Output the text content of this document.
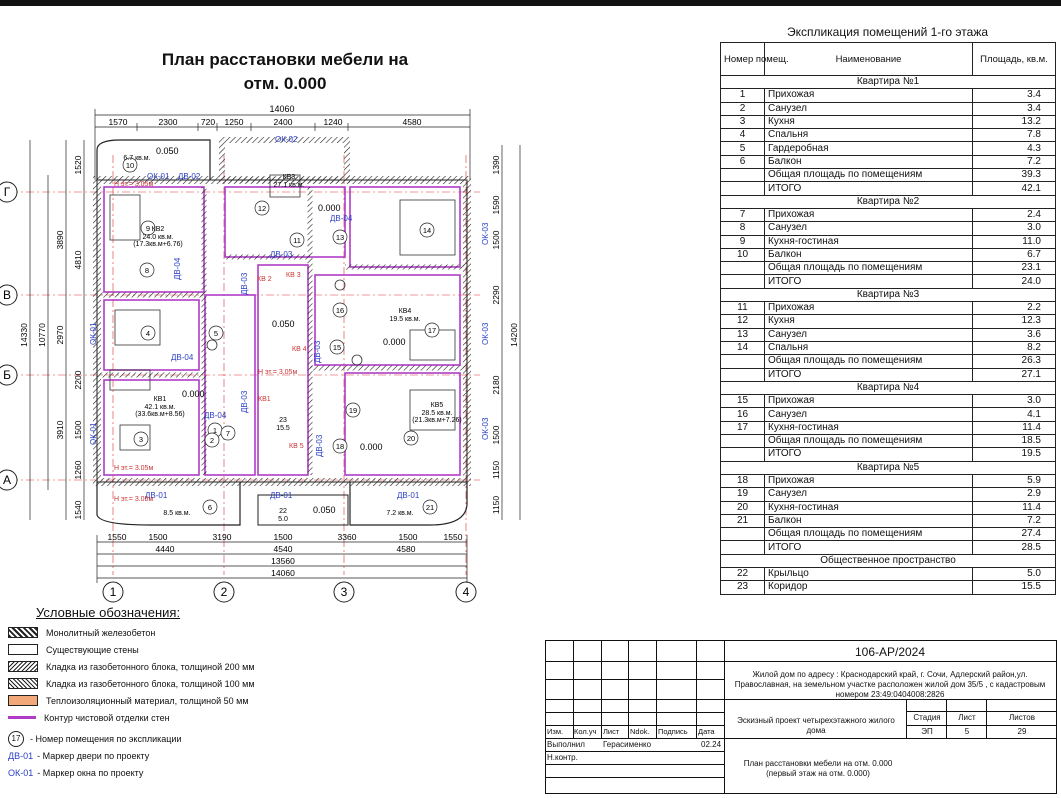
План расстановки мебели на
отм. 0.000
14060
1570	2300	720 1250	2400	1240	4580
Г
В
Б
А
1	2	3	4
14330 10770
3890
1520
4810
2970
2200
3910 1500
1260
1540
14200
1390
1590
1500
2290
2180
1500
1150
1150
10
9
8
4	5
3
1
2
6
12
11	13
14
16
15
17
19
18
20
21
7
ОК-01
ОК-02
ОК-03
ОК-03
ОК-03
ОК-01
ОК-01
ДВ-02
ДВ-04
ДВ-03
ДВ-03
ДВ-04
ДВ-03
ДВ-03
ДВ-04
ДВ-03
ДВ-04
ДВ-01	ДВ-01	ДВ-01
0.050
0.000
0.050
0.000
0.000
0.000
0.050
КВ1
42.1 кв.м.
(33.6кв.м+8.56)
КВ2
24.0 кв.м.
(17.3кв.м+6.76)
КВ3
27.1 кв.м.
КВ4
19.5 кв.м.
КВ5
28.5 кв.м.
(21.3кв.м+7.26)
КВ 2
КВ 3
КВ 4
КВ 5
КВ1
Н эт.= 3.05м
Н эт.= 3.05м
Н эт.= 3.05м
Н эт.= 3.05м
6.7 кв.м.
8.5 кв.м.	7.2 кв.м.
23
15.5
22
5.0
1550	1500	3190	1500	3360	1500	1550
4440	4540	4580
13560
14060
Экспликация помещений 1-го этажа
Номер помещ.	Наименование	Площадь, кв.м.
Квартира №1		
1	Прихожая	3.4
2	Санузел	3.4
3	Кухня	13.2
4	Спальня	7.8
5	Гардеробная	4.3
6	Балкон	7.2
	Общая площадь по помещениям	39.3
	ИТОГО	42.1
Квартира №2		
7	Прихожая	2.4
8	Санузел	3.0
9	Кухня-гостиная	11.0
10	Балкон	6.7
	Общая площадь по помещениям	23.1
	ИТОГО	24.0
Квартира №3		
11	Прихожая	2.2
12	Кухня	12.3
13	Санузел	3.6
14	Спальня	8.2
	Общая площадь по помещениям	26.3
	ИТОГО	27.1
Квартира №4		
15	Прихожая	3.0
16	Санузел	4.1
17	Кухня-гостиная	11.4
	Общая площадь по помещениям	18.5
	ИТОГО	19.5
Квартира №5		
18	Прихожая	5.9
19	Санузел	2.9
20	Кухня-гостиная	11.4
21	Балкон	7.2
	Общая площадь по помещениям	27.4
	ИТОГО	28.5
Общественное пространство		
22	Крыльцо	5.0
23	Коридор	15.5
Условные обозначения:
Монолитный железобетон
Существующие стены
Кладка из газобетонного блока, толщиной 200 мм
Кладка из газобетонного блока, толщиной 100 мм
Теплоизоляционный материал, толщиной 50 мм
Контур чистовой отделки стен
17	- Номер помещения по экспликации
ДВ-01 - Маркер двери по проекту
ОК-01 - Маркер окна по проекту
106-АР/2024
Жилой дом по адресу : Краснодарский край, г. Сочи, Адлерский район,ул. Православная, на земельном участке расположен жилой дом 35/5 , с кадастровым номером 23:49:0404008:2826
Изм. Кол.уч Лист Ndok. Подпись Дата
Выполнил Герасименко	02.24
Н.контр.
Эскизный проект четырехэтажного жилого дома
Стадия	Лист	Листов
ЭП	5	29
План расстановки мебели на отм. 0.000 (первый этаж на отм. 0.000)
